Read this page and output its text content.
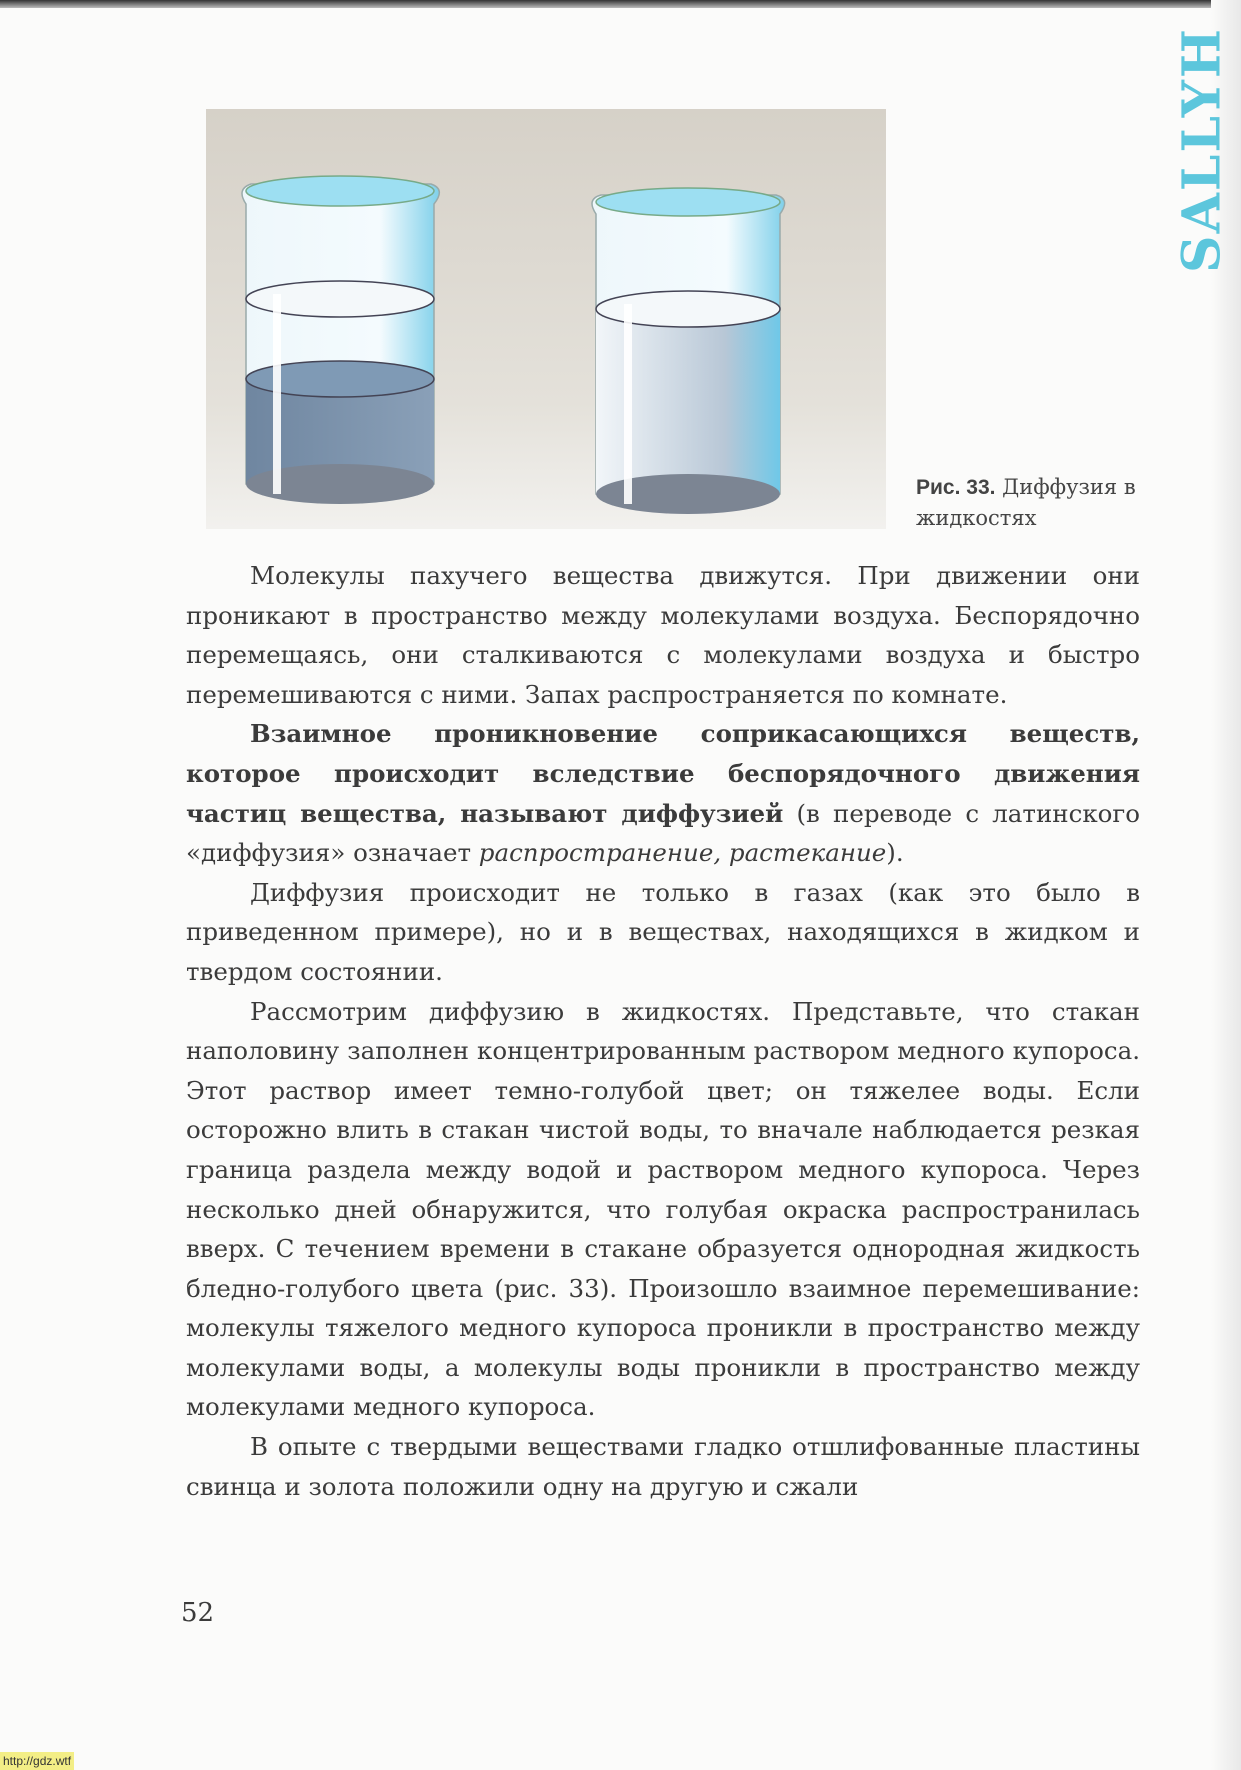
SALLYH
Рис. 33. Диффузия в жидкостях

Молекулы пахучего вещества движутся. При движении они проникают в пространство между молекулами воздуха. Беспорядочно перемещаясь, они сталкиваются с молекулами воздуха и быстро перемешиваются с ними. Запах распространяется по комнате.

Взаимное проникновение соприкасающихся веществ, которое происходит вследствие беспорядочного движения частиц вещества, называют диффузией (в переводе с латинского «диффузия» означает распространение, растекание).

Диффузия происходит не только в газах (как это было в приведенном примере), но и в веществах, находящихся в жидком и твердом состоянии.

Рассмотрим диффузию в жидкостях. Представьте, что стакан наполовину заполнен концентрированным раствором медного купороса. Этот раствор имеет темно-голубой цвет; он тяжелее воды. Если осторожно влить в стакан чистой воды, то вначале наблюдается резкая граница раздела между водой и раствором медного купороса. Через несколько дней обнаружится, что голубая окраска распространилась вверх. С течением времени в стакане образуется однородная жидкость бледно-голубого цвета (рис. 33). Произошло взаимное перемешивание: молекулы тяжелого медного купороса проникли в пространство между молекулами воды, а молекулы воды проникли в пространство между молекулами медного купороса.

В опыте с твердыми веществами гладко отшлифованные пластины свинца и золота положили одну на другую и сжали

52
http://gdz.wtf
